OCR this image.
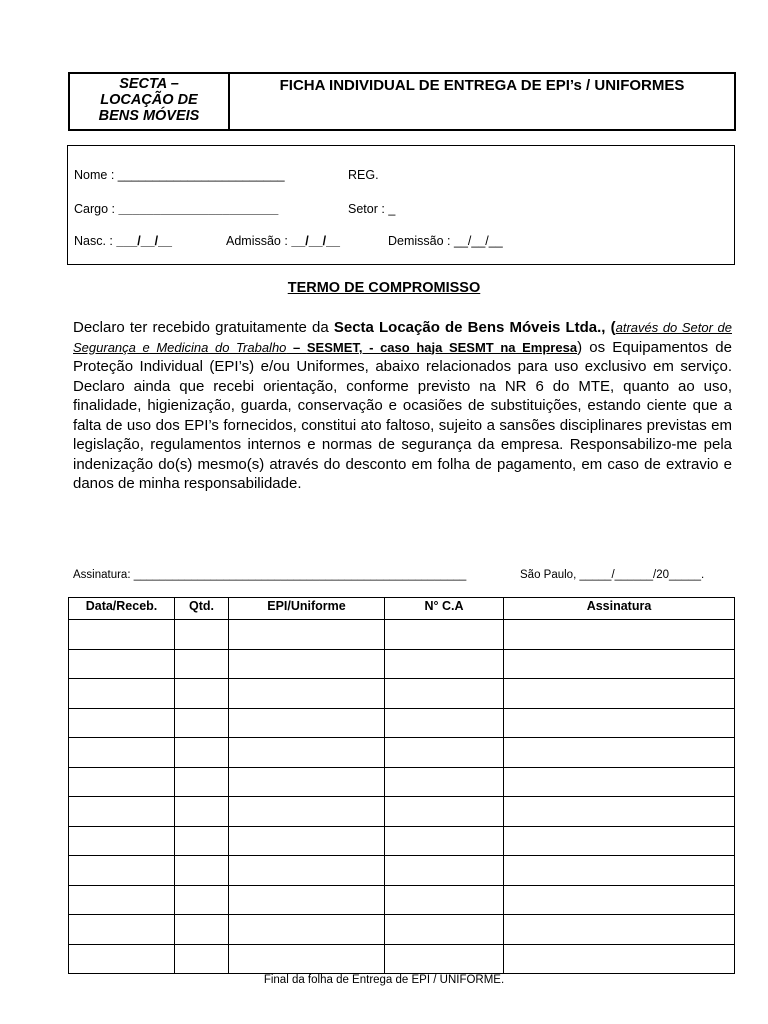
SECTA –
LOCAÇÃO DE
BENS MÓVEIS
FICHA INDIVIDUAL DE ENTREGA DE EPI’s / UNIFORMES
Nome : ________________________	REG.
Cargo : _______________________	Setor : _
Nasc. : ___/__/__	Admissão : __/__/__	Demissão : __/__/__
TERMO DE COMPROMISSO
Declaro ter recebido gratuitamente da Secta Locação de Bens Móveis Ltda., (através do Setor de Segurança e Medicina do Trabalho – SESMET, - caso haja SESMT na Empresa) os Equipamentos de Proteção Individual (EPI’s) e/ou Uniformes, abaixo relacionados para uso exclusivo em serviço. Declaro ainda que recebi orientação, conforme previsto na NR 6 do MTE, quanto ao uso, finalidade, higienização, guarda, conservação e ocasiões de substituições, estando ciente que a falta de uso dos EPI’s fornecidos, constitui ato faltoso, sujeito a sansões disciplinares previstas em legislação, regulamentos internos e normas de segurança da empresa. Responsabilizo-me pela indenização do(s) mesmo(s) através do desconto em folha de pagamento, em caso de extravio e danos de minha responsabilidade.
Assinatura: ____________________________________________________	São Paulo, _____/______/20_____.
Data/Receb.	Qtd.	EPI/Uniforme	N° C.A	Assinatura

Final da folha de Entrega de EPI / UNIFORME.
